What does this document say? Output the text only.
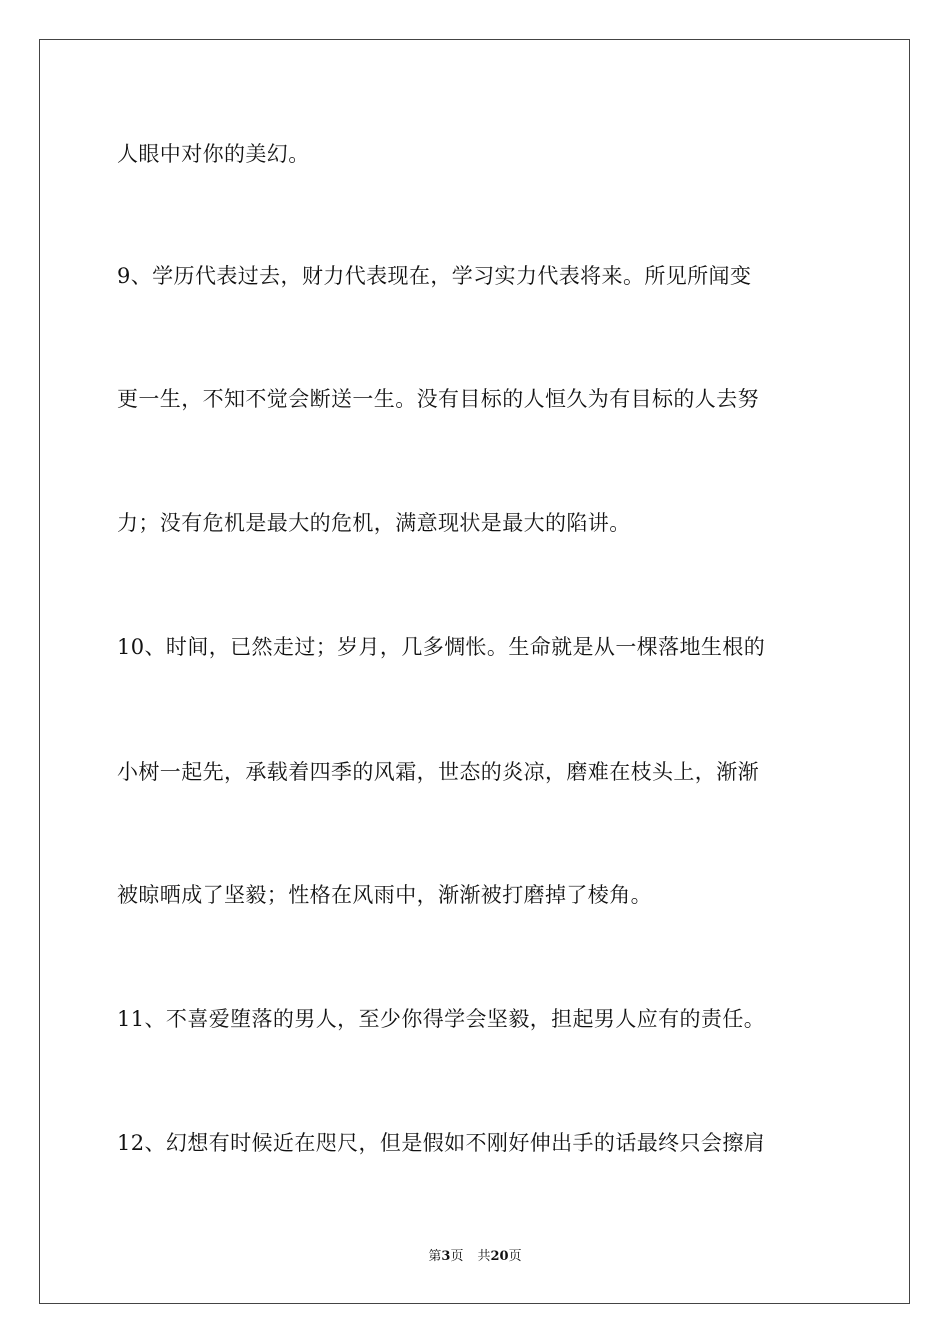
人眼中对你的美幻。
9、学历代表过去，财力代表现在，学习实力代表将来。所见所闻变
更一生，不知不觉会断送一生。没有目标的人恒久为有目标的人去努
力；没有危机是最大的危机，满意现状是最大的陷讲。
10、时间，已然走过；岁月，几多惆怅。生命就是从一棵落地生根的
小树一起先，承载着四季的风霜，世态的炎凉，磨难在枝头上，渐渐
被晾晒成了坚毅；性格在风雨中，渐渐被打磨掉了棱角。
11、不喜爱堕落的男人，至少你得学会坚毅，担起男人应有的责任。
12、幻想有时候近在咫尺，但是假如不刚好伸出手的话最终只会擦肩
第3页 共20页
